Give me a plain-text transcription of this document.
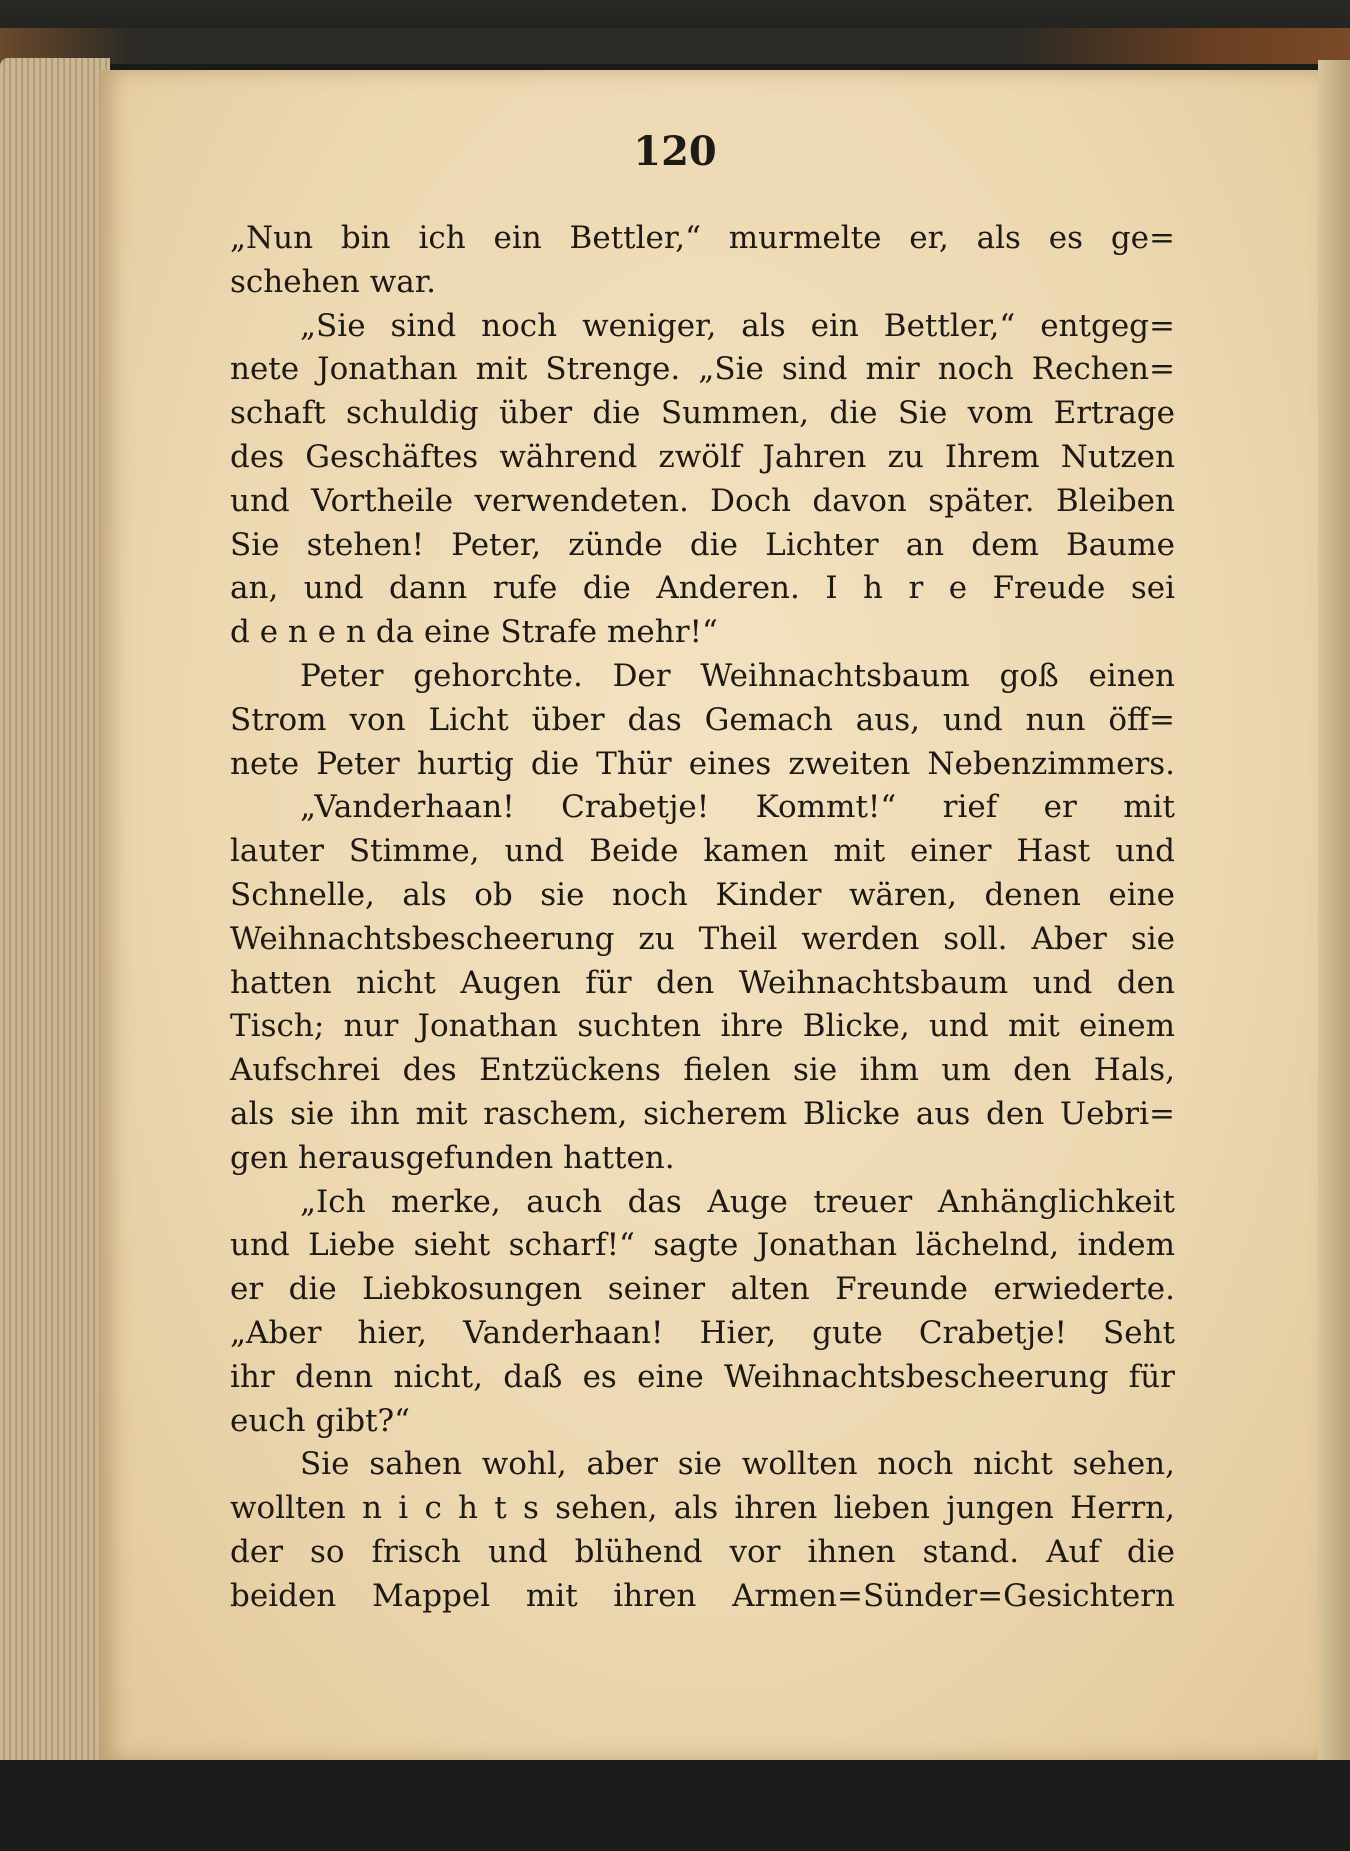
120
„Nun bin ich ein Bettler,“ murmelte er, als es ge=
schehen war.
„Sie sind noch weniger, als ein Bettler,“ entgeg=
nete Jonathan mit Strenge. „Sie sind mir noch Rechen=
schaft schuldig über die Summen, die Sie vom Ertrage
des Geschäftes während zwölf Jahren zu Ihrem Nutzen
und Vortheile verwendeten. Doch davon später. Bleiben
Sie stehen! Peter, zünde die Lichter an dem Baume
an, und dann rufe die Anderen. I h r e Freude sei
d e n e n da eine Strafe mehr!“
Peter gehorchte. Der Weihnachtsbaum goß einen
Strom von Licht über das Gemach aus, und nun öff=
nete Peter hurtig die Thür eines zweiten Nebenzimmers.
„Vanderhaan! Crabetje! Kommt!“ rief er mit
lauter Stimme, und Beide kamen mit einer Hast und
Schnelle, als ob sie noch Kinder wären, denen eine
Weihnachtsbescheerung zu Theil werden soll. Aber sie
hatten nicht Augen für den Weihnachtsbaum und den
Tisch; nur Jonathan suchten ihre Blicke, und mit einem
Aufschrei des Entzückens fielen sie ihm um den Hals,
als sie ihn mit raschem, sicherem Blicke aus den Uebri=
gen herausgefunden hatten.
„Ich merke, auch das Auge treuer Anhänglichkeit
und Liebe sieht scharf!“ sagte Jonathan lächelnd, indem
er die Liebkosungen seiner alten Freunde erwiederte.
„Aber hier, Vanderhaan! Hier, gute Crabetje! Seht
ihr denn nicht, daß es eine Weihnachtsbescheerung für
euch gibt?“
Sie sahen wohl, aber sie wollten noch nicht sehen,
wollten n i c h t s sehen, als ihren lieben jungen Herrn,
der so frisch und blühend vor ihnen stand. Auf die
beiden Mappel mit ihren Armen=Sünder=Gesichtern
